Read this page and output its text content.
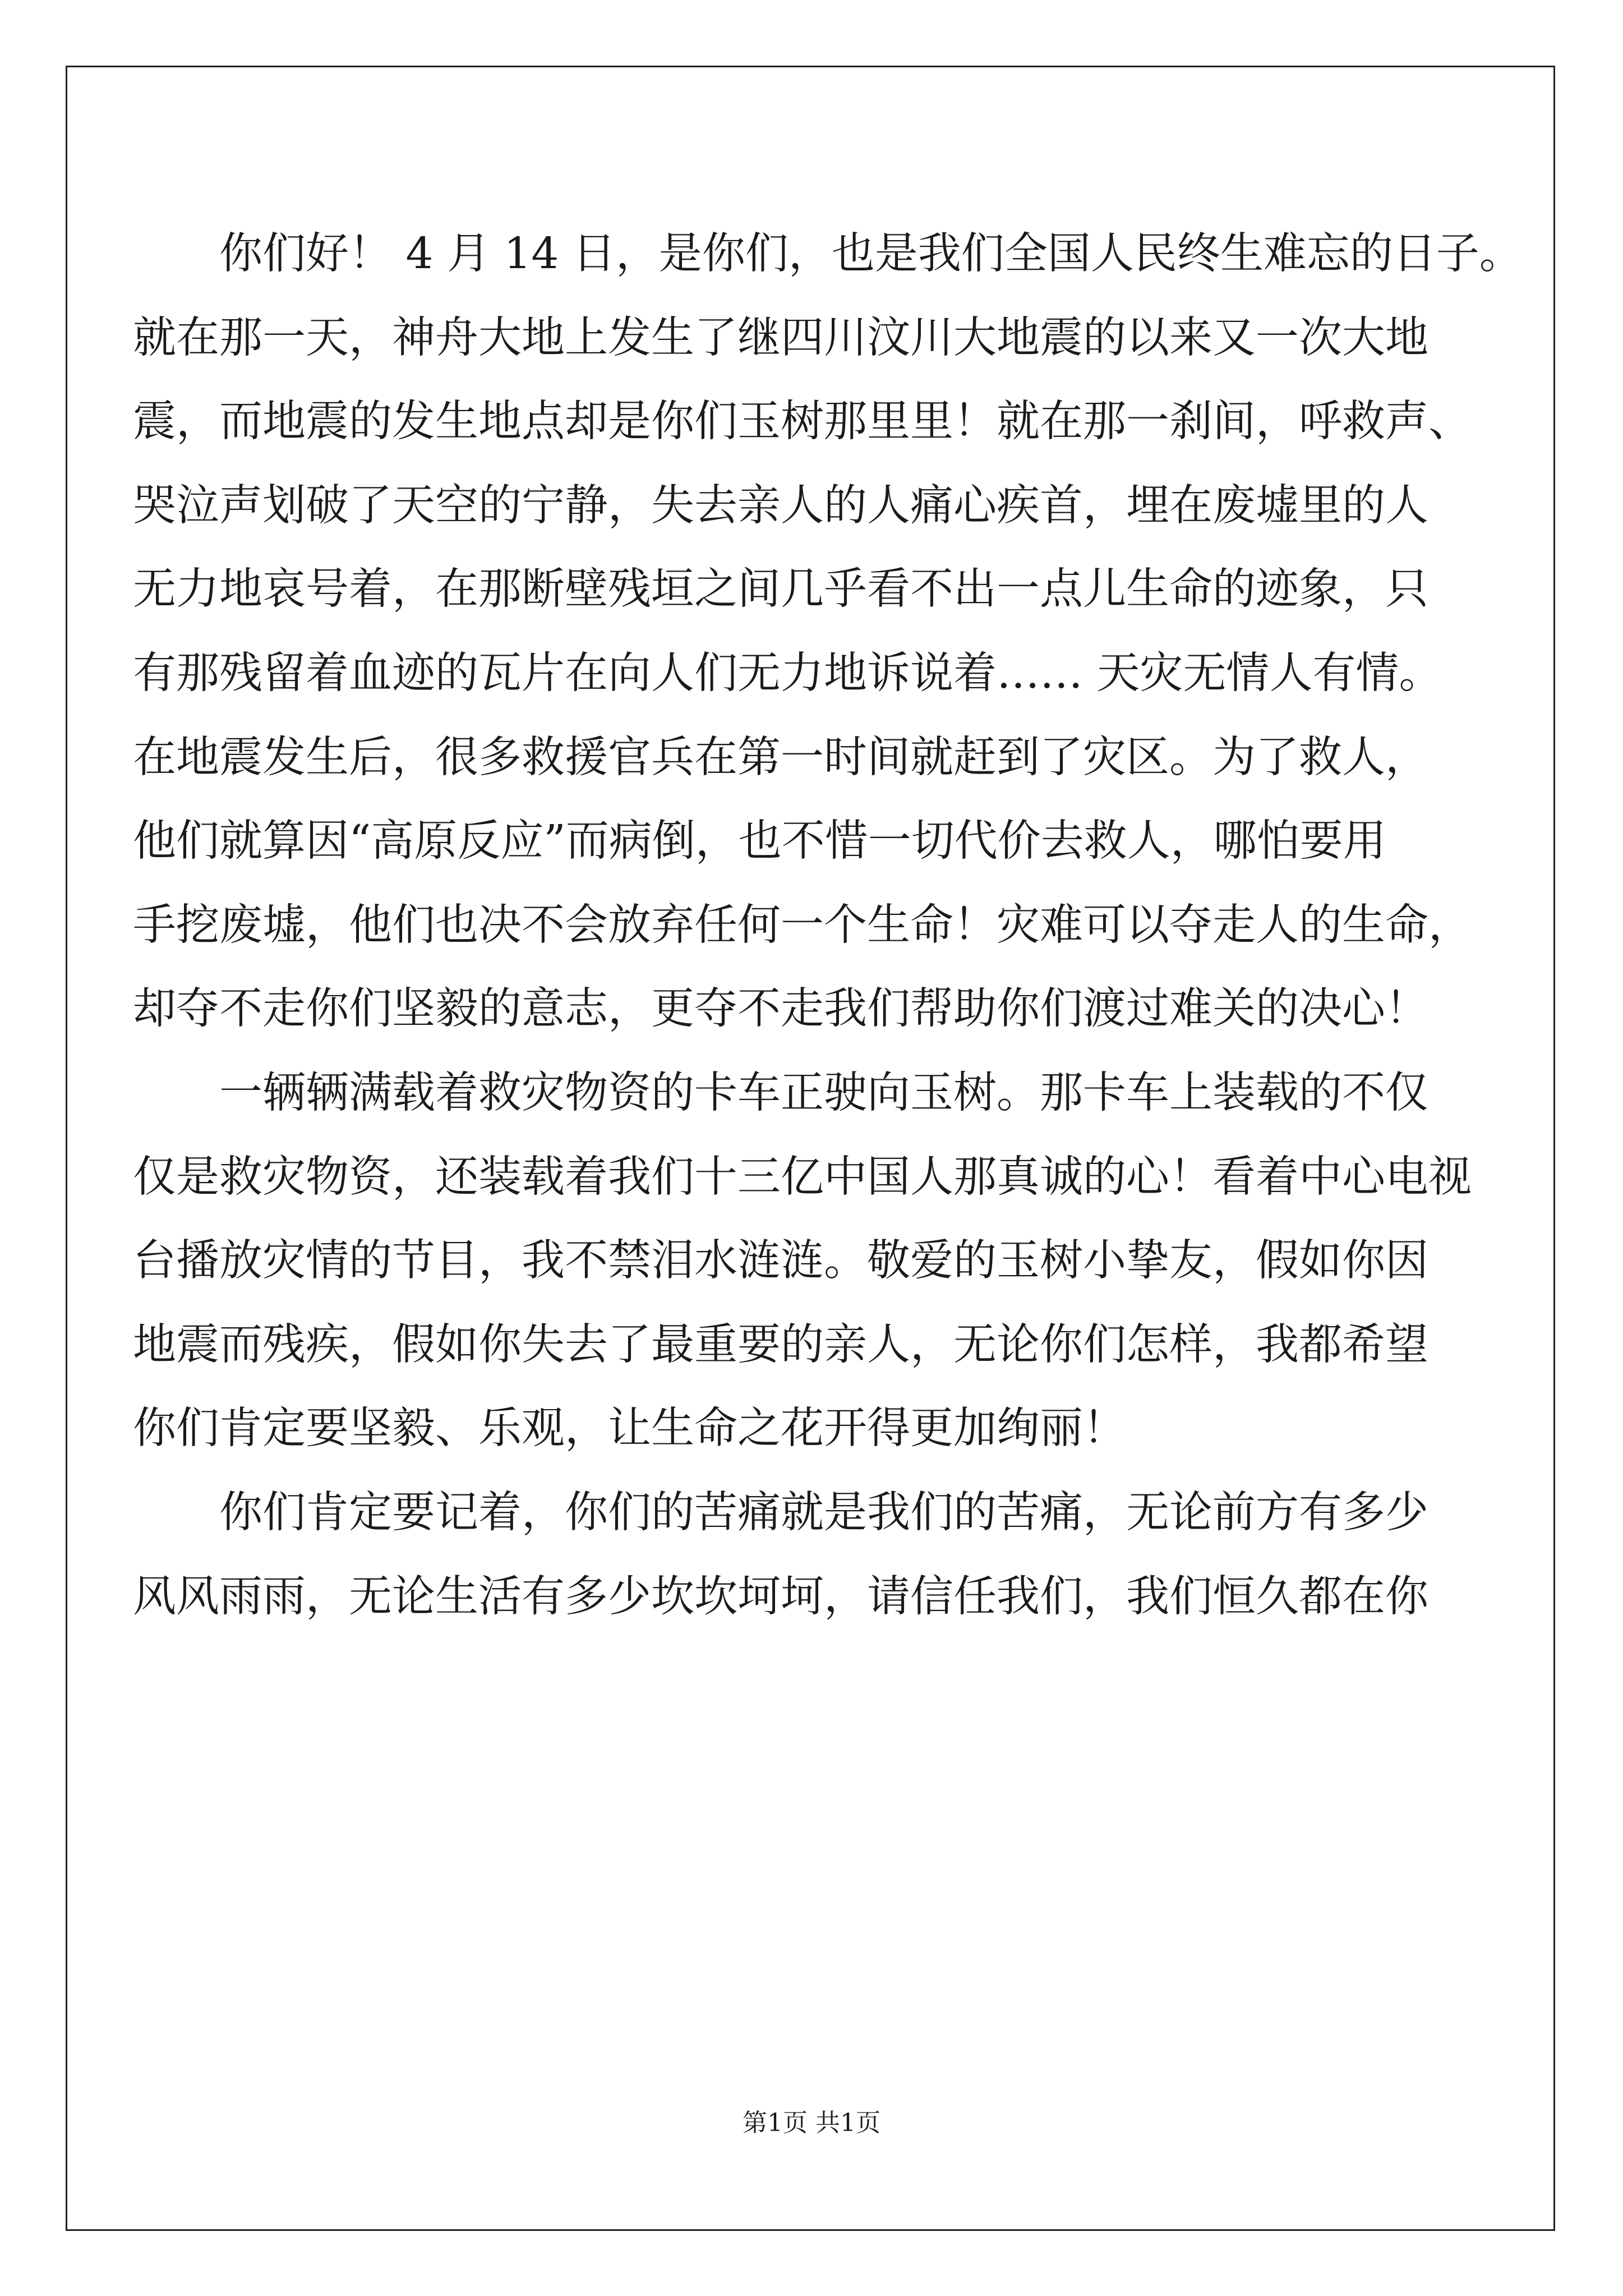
你们好！ 4 月 14 日，是你们，也是我们全国人民终生难忘的日子。
就在那一天，神舟大地上发生了继四川汶川大地震的以来又一次大地
震，而地震的发生地点却是你们玉树那里里！就在那一刹间，呼救声、
哭泣声划破了天空的宁静，失去亲人的人痛心疾首，埋在废墟里的人
无力地哀号着，在那断壁残垣之间几乎看不出一点儿生命的迹象，只
有那残留着血迹的瓦片在向人们无力地诉说着…… 天灾无情人有情。
在地震发生后，很多救援官兵在第一时间就赶到了灾区。为了救人，
他们就算因“高原反应”而病倒，也不惜一切代价去救人，哪怕要用
手挖废墟，他们也决不会放弃任何一个生命！灾难可以夺走人的生命，
却夺不走你们坚毅的意志，更夺不走我们帮助你们渡过难关的决心！
一辆辆满载着救灾物资的卡车正驶向玉树。那卡车上装载的不仅
仅是救灾物资，还装载着我们十三亿中国人那真诚的心！看着中心电视
台播放灾情的节目，我不禁泪水涟涟。敬爱的玉树小挚友，假如你因
地震而残疾，假如你失去了最重要的亲人，无论你们怎样，我都希望
你们肯定要坚毅、乐观，让生命之花开得更加绚丽！
你们肯定要记着，你们的苦痛就是我们的苦痛，无论前方有多少
风风雨雨，无论生活有多少坎坎坷坷，请信任我们，我们恒久都在你
第1页 共1页
